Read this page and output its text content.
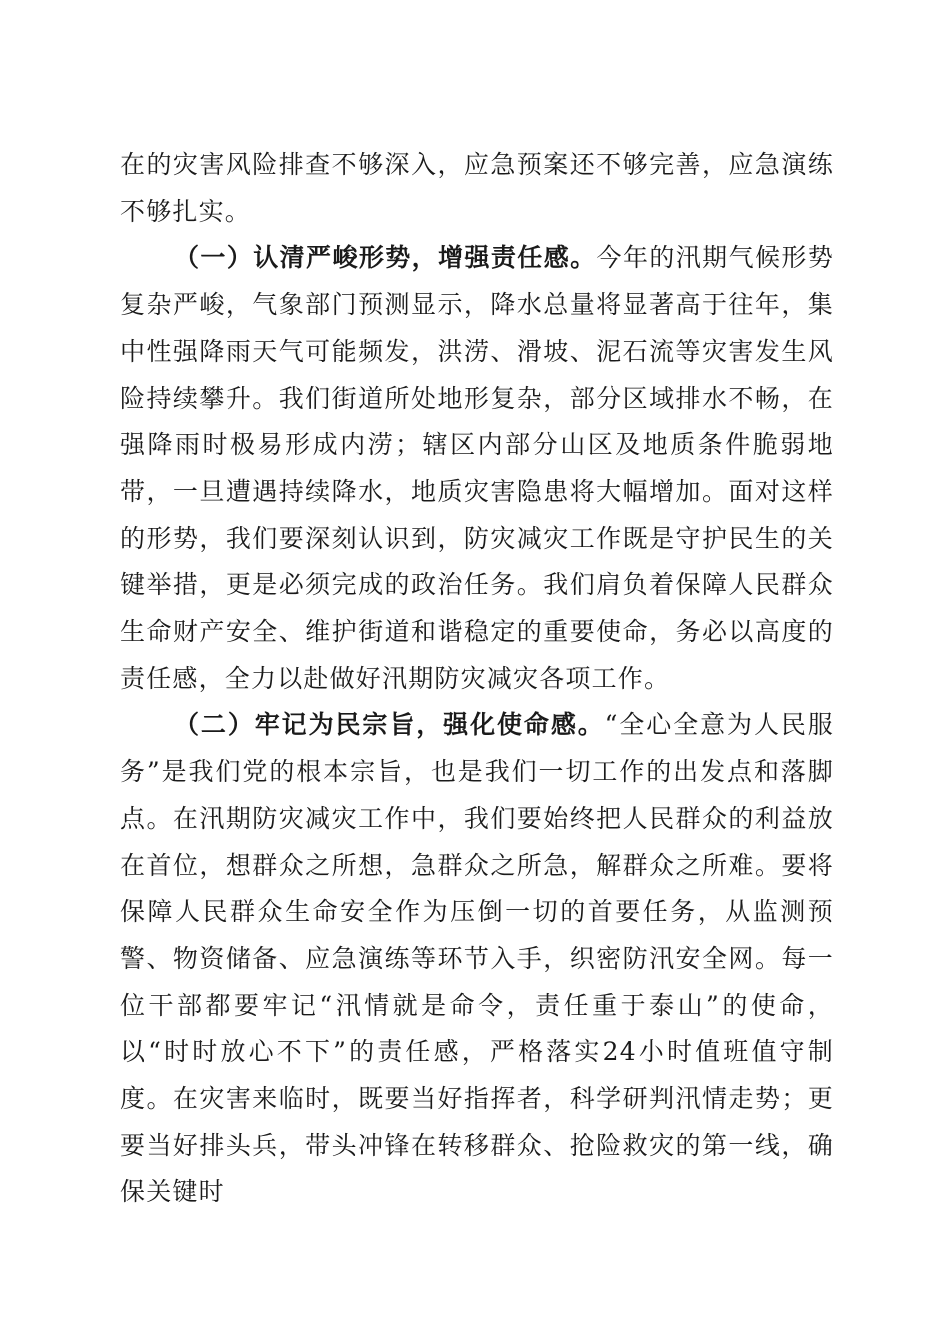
在的灾害风险排查不够深入，应急预案还不够完善，应急演练不够扎实。

（一）认清严峻形势，增强责任感。今年的汛期气候形势复杂严峻，气象部门预测显示，降水总量将显著高于往年，集中性强降雨天气可能频发，洪涝、滑坡、泥石流等灾害发生风险持续攀升。我们街道所处地形复杂，部分区域排水不畅，在强降雨时极易形成内涝；辖区内部分山区及地质条件脆弱地带，一旦遭遇持续降水，地质灾害隐患将大幅增加。面对这样的形势，我们要深刻认识到，防灾减灾工作既是守护民生的关键举措，更是必须完成的政治任务。我们肩负着保障人民群众生命财产安全、维护街道和谐稳定的重要使命，务必以高度的责任感，全力以赴做好汛期防灾减灾各项工作。

（二）牢记为民宗旨，强化使命感。“全心全意为人民服务”是我们党的根本宗旨，也是我们一切工作的出发点和落脚点。在汛期防灾减灾工作中，我们要始终把人民群众的利益放在首位，想群众之所想，急群众之所急，解群众之所难。要将保障人民群众生命安全作为压倒一切的首要任务，从监测预警、物资储备、应急演练等环节入手，织密防汛安全网。每一位干部都要牢记“汛情就是命令，责任重于泰山”的使命，以“时时放心不下”的责任感，严格落实24小时值班值守制度。在灾害来临时，既要当好指挥者，科学研判汛情走势；更要当好排头兵，带头冲锋在转移群众、抢险救灾的第一线，确保关键时
